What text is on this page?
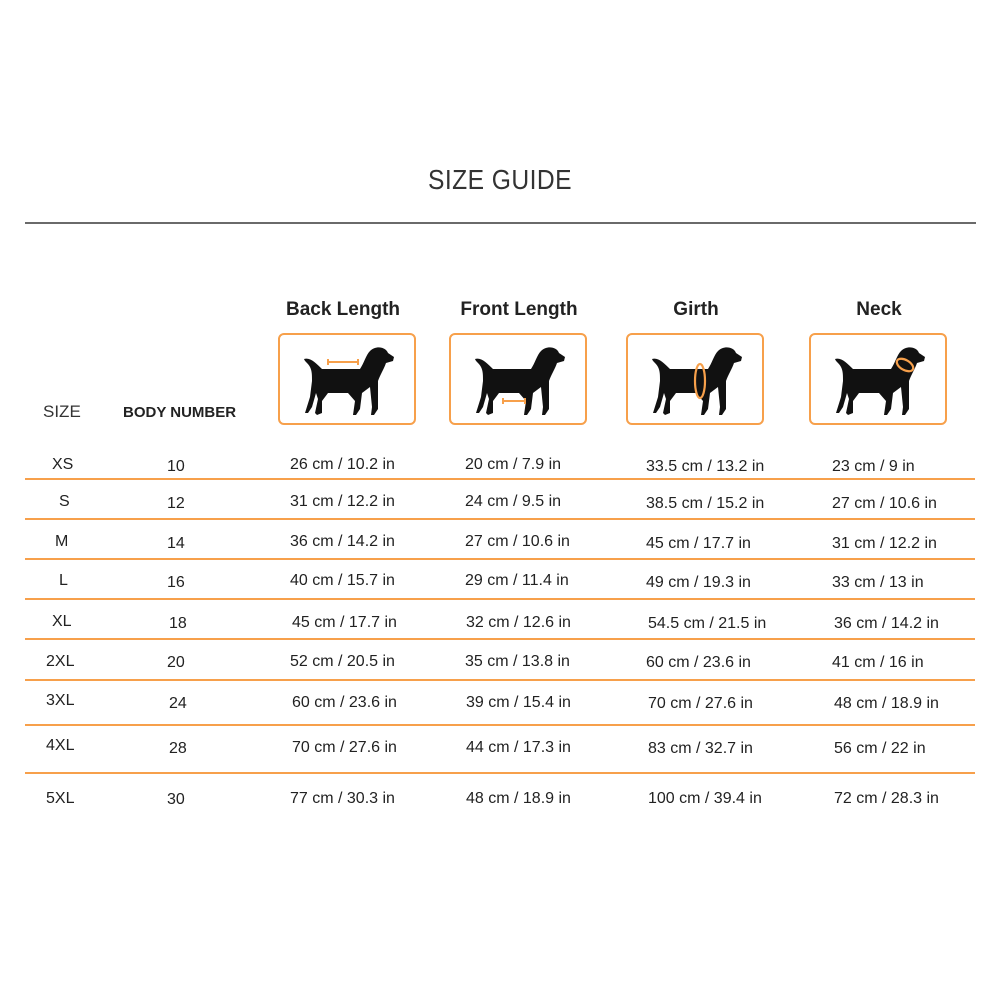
SIZE GUIDE
Back Length	Front Length	Girth	Neck
SIZE	BODY NUMBER
XS	10	26 cm / 10.2 in	20 cm / 7.9 in	33.5 cm / 13.2 in	23 cm / 9 in
S	12	31 cm / 12.2 in	24 cm / 9.5 in	38.5 cm / 15.2 in	27 cm / 10.6 in
M	14	36 cm / 14.2 in	27 cm / 10.6 in	45 cm / 17.7 in	31 cm / 12.2 in
L	16	40 cm / 15.7 in	29 cm / 11.4 in	49 cm / 19.3 in	33 cm / 13 in
XL	18	45 cm / 17.7 in	32 cm / 12.6 in	54.5 cm / 21.5 in	36 cm / 14.2 in
2XL	20	52 cm / 20.5 in	35 cm / 13.8 in	60 cm / 23.6 in	41 cm / 16 in
3XL	24	60 cm / 23.6 in	39 cm / 15.4 in	70 cm / 27.6 in	48 cm / 18.9 in
4XL	28	70 cm / 27.6 in	44 cm / 17.3 in	83 cm / 32.7 in	56 cm / 22 in
5XL	30	77 cm / 30.3 in	48 cm / 18.9 in	100 cm / 39.4 in	72 cm / 28.3 in
